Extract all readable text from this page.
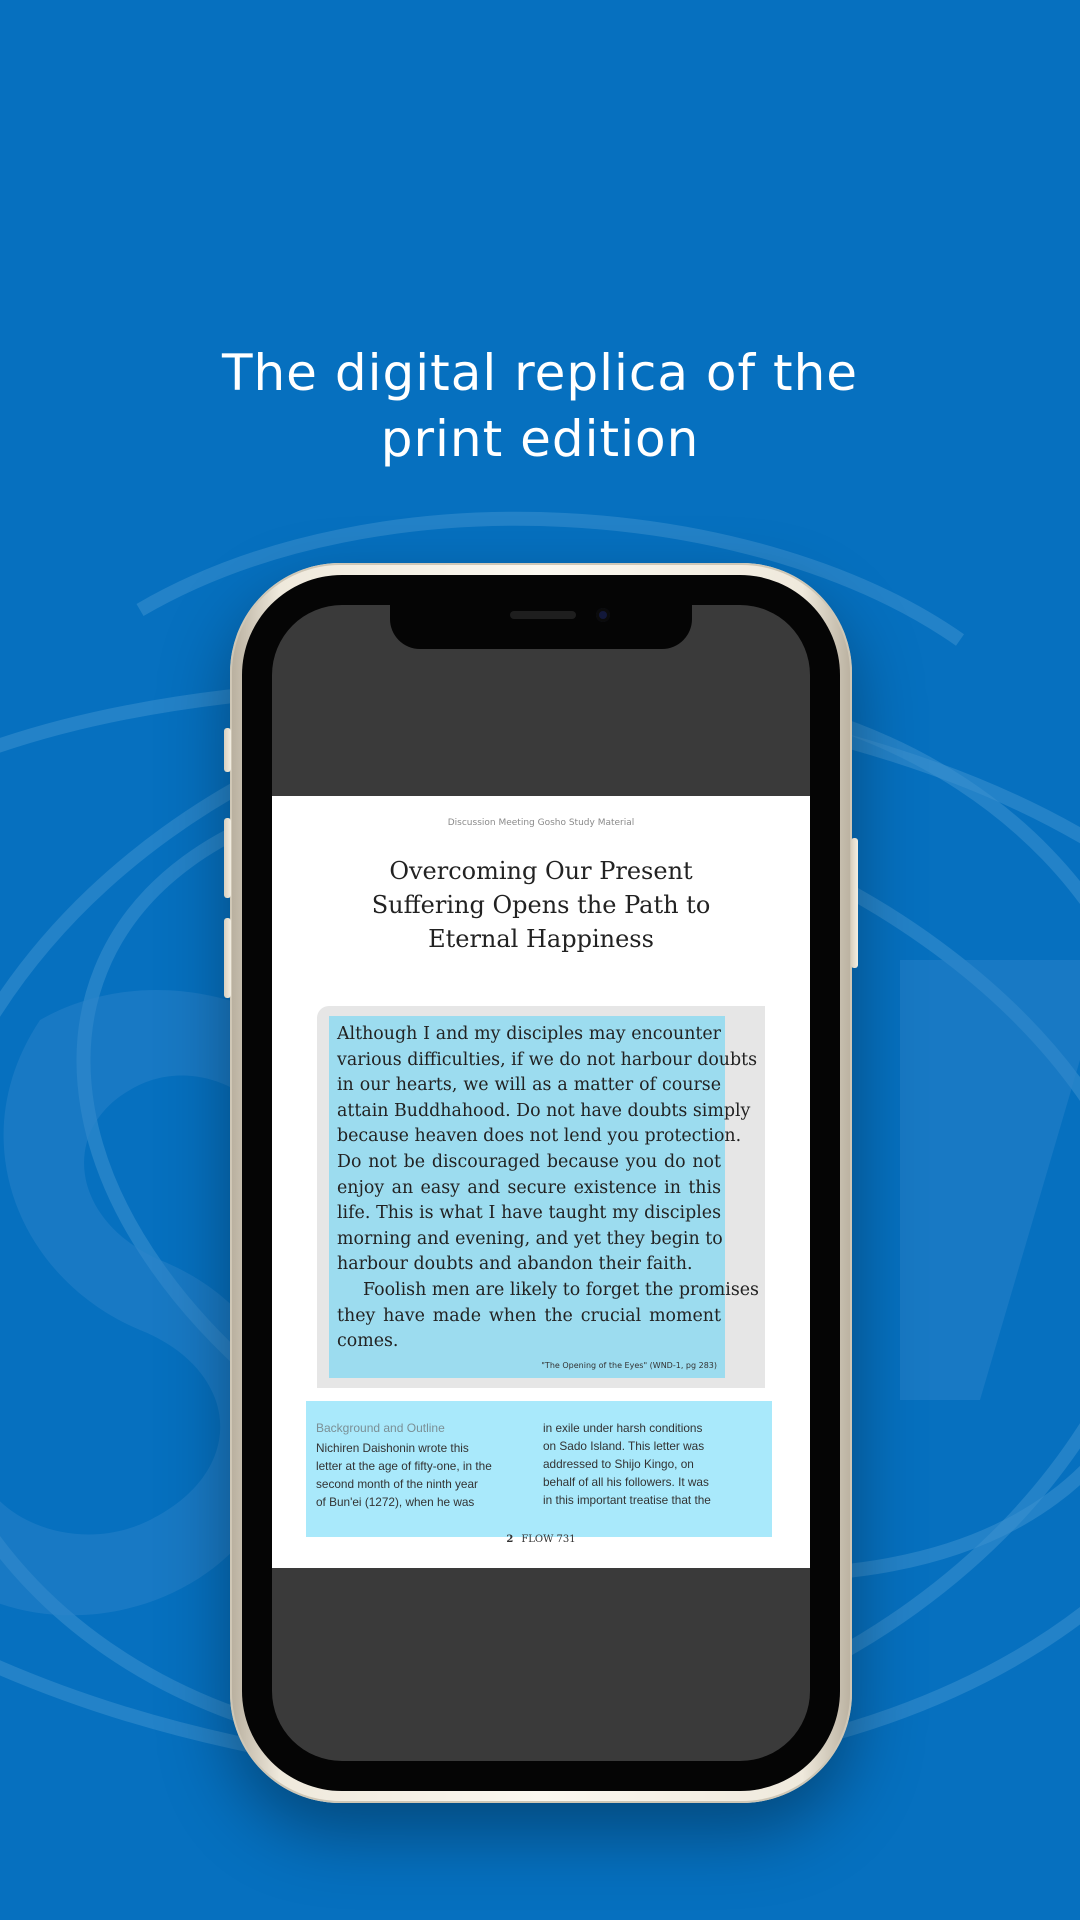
The digital replica of the
print edition
Discussion Meeting Gosho Study Material
Overcoming Our Present
Suffering Opens the Path to
Eternal Happiness
Although I and my disciples may encounter
various difficulties, if we do not harbour doubts
in our hearts, we will as a matter of course
attain Buddhahood. Do not have doubts simply
because heaven does not lend you protection.
Do not be discouraged because you do not
enjoy an easy and secure existence in this
life. This is what I have taught my disciples
morning and evening, and yet they begin to
harbour doubts and abandon their faith.
Foolish men are likely to forget the promises
they have made when the crucial moment
comes.
"The Opening of the Eyes" (WND-1, pg 283)
Background and Outline
Nichiren Daishonin wrote this
letter at the age of fifty-one, in the
second month of the ninth year
of Bun'ei (1272), when he was
in exile under harsh conditions
on Sado Island. This letter was
addressed to Shijo Kingo, on
behalf of all his followers. It was
in this important treatise that the
2 FLOW 731
